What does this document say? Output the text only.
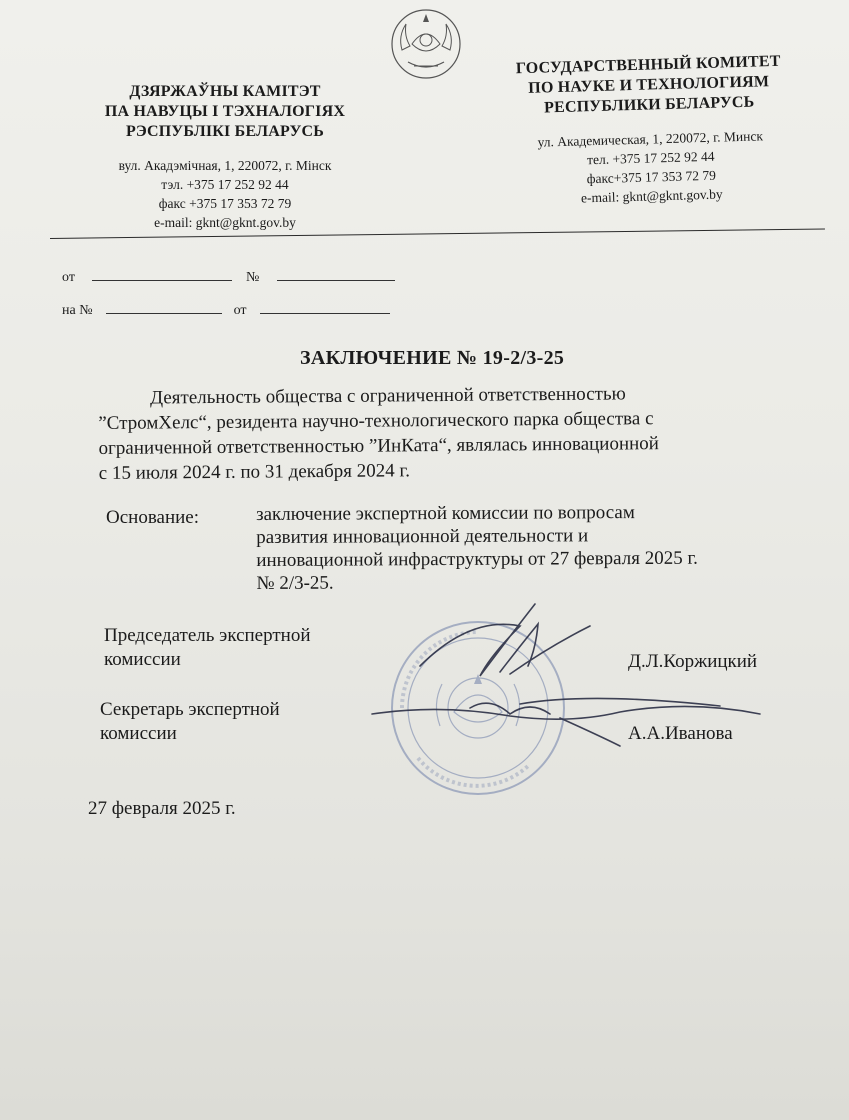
ДЗЯРЖАЎНЫ КАМІТЭТ
ПА НАВУЦЫ І ТЭХНАЛОГІЯХ
РЭСПУБЛІКІ БЕЛАРУСЬ
вул. Акадэмічная, 1, 220072, г. Мінск
тэл. +375 17 252 92 44
факс +375 17 353 72 79
e-mail: gknt@gknt.gov.by
ГОСУДАРСТВЕННЫЙ КОМИТЕТ
ПО НАУКЕ И ТЕХНОЛОГИЯМ
РЕСПУБЛИКИ БЕЛАРУСЬ
ул. Академическая, 1, 220072, г. Минск
тел. +375 17 252 92 44
факс+375 17 353 72 79
e-mail: gknt@gknt.gov.by
от	№
на №	от
ЗАКЛЮЧЕНИЕ № 19-2/3-25
Деятельность общества с ограниченной ответственностью
”СтромХелс“, резидента научно-технологического парка общества с
ограниченной ответственностью ”ИнКата“, являлась инновационной
с 15 июля 2024 г. по 31 декабря 2024 г.
Основание:	заключение экспертной комиссии по вопросам
развития инновационной деятельности и
инновационной инфраструктуры от 27 февраля 2025 г.
№ 2/3-25.
Председатель экспертной
комиссии	Д.Л.Коржицкий
Секретарь экспертной
комиссии	А.А.Иванова
27 февраля 2025 г.
